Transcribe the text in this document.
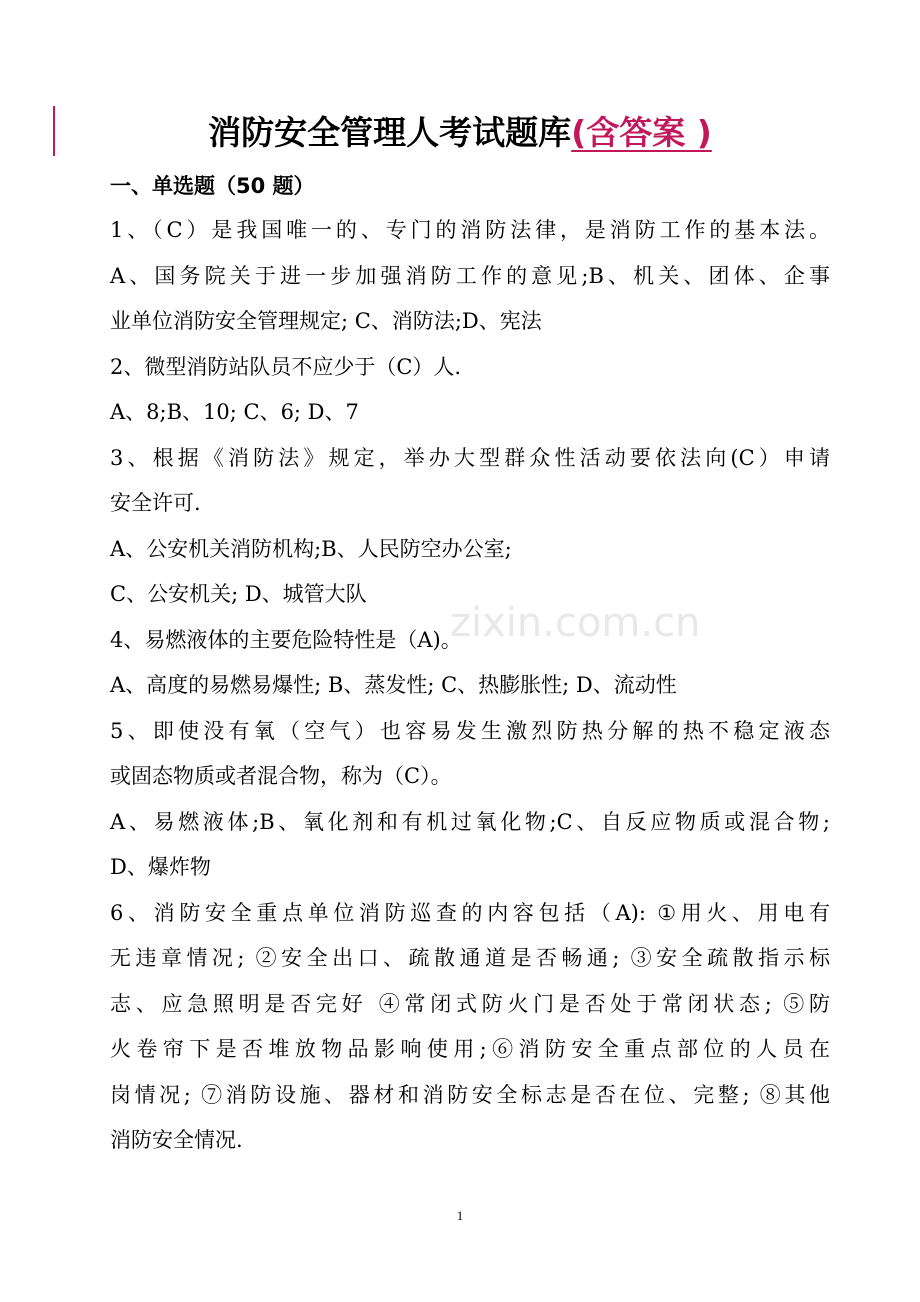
消防安全管理人考试题库(含答案 )
一、单选题（50 题）
zixin.com.cn
1、（C）是我国唯一的、专门的消防法律，是消防工作的基本法。
A、国务院关于进一步加强消防工作的意见;B、机关、团体、企事
业单位消防安全管理规定; C、消防法;D、宪法
2、微型消防站队员不应少于（C）人.
A、8;B、10; C、6; D、7
3、根据《消防法》规定，举办大型群众性活动要依法向(C）申请
安全许可.
A、公安机关消防机构;B、人民防空办公室;
C、公安机关; D、城管大队
4、易燃液体的主要危险特性是（A)。
A、高度的易燃易爆性; B、蒸发性; C、热膨胀性; D、流动性
5、即使没有氧（空气）也容易发生激烈防热分解的热不稳定液态
或固态物质或者混合物，称为（C）。
A、易燃液体;B、氧化剂和有机过氧化物;C、自反应物质或混合物;
D、爆炸物
6、消防安全重点单位消防巡查的内容包括（A): ①用火、用电有
无违章情况; ②安全出口、疏散通道是否畅通; ③安全疏散指示标
志、应急照明是否完好 ④常闭式防火门是否处于常闭状态; ⑤防
火卷帘下是否堆放物品影响使用;⑥消防安全重点部位的人员在
岗情况; ⑦消防设施、器材和消防安全标志是否在位、完整; ⑧其他
消防安全情况.
1
